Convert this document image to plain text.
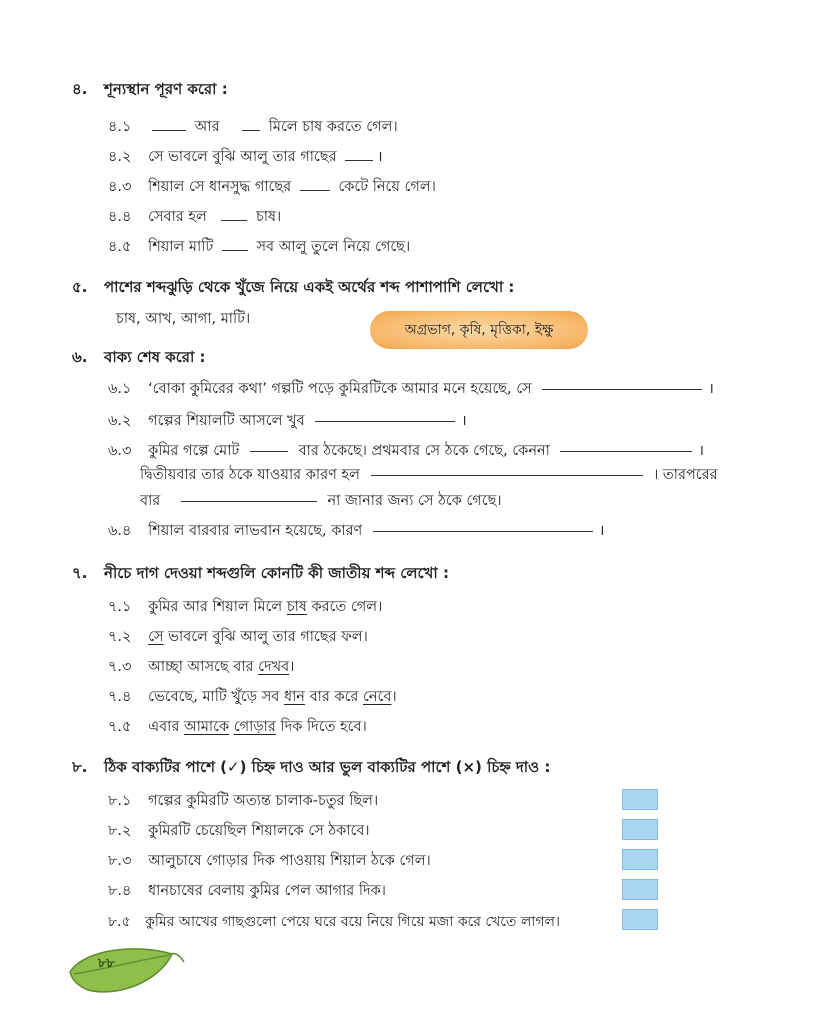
৪. শূন্যস্থান পূরণ করো :
৪.১	আর	মিলে চাষ করতে গেল।
৪.২ সে ভাবলে বুঝি আলু তার গাছের	।
৪.৩ শিয়াল সে ধানসুদ্ধ গাছের	কেটে নিয়ে গেল।
৪.৪ সেবার হল	চাষ।
৪.৫ শিয়াল মাটি	সব আলু তুলে নিয়ে গেছে।
৫. পাশের শব্দঝুড়ি থেকে খুঁজে নিয়ে একই অর্থের শব্দ পাশাপাশি লেখো :
চাষ, আখ, আগা, মাটি।
অগ্রভাগ, কৃষি, মৃত্তিকা, ইক্ষু
৬. বাক্য শেষ করো :
৬.১ ‘বোকা কুমিরের কথা’ গল্পটি পড়ে কুমিরটিকে আমার মনে হয়েছে, সে	।
৬.২ গল্পের শিয়ালটি আসলে খুব	।
৬.৩ কুমির গল্পে মোট	বার ঠকেছে। প্রথমবার সে ঠকে গেছে, কেননা	।
দ্বিতীয়বার তার ঠকে যাওয়ার কারণ হল	। তারপরের
বার	না জানার জন্য সে ঠকে গেছে।
৬.৪ শিয়াল বারবার লাভবান হয়েছে, কারণ	।
৭. নীচে দাগ দেওয়া শব্দগুলি কোনটি কী জাতীয় শব্দ লেখো :
৭.১ কুমির আর শিয়াল মিলে চাষ করতে গেল।
৭.২ সে ভাবলে বুঝি আলু তার গাছের ফল।
৭.৩ আচ্ছা আসছে বার দেখব।
৭.৪ ভেবেছে, মাটি খুঁড়ে সব ধান বার করে নেবে।
৭.৫ এবার আমাকে গোড়ার দিক দিতে হবে।
৮. ঠিক বাক্যটির পাশে (✓) চিহ্ন দাও আর ভুল বাক্যটির পাশে (×) চিহ্ন দাও :
৮.১ গল্পের কুমিরটি অত্যন্ত চালাক-চতুর ছিল।
৮.২ কুমিরটি চেয়েছিল শিয়ালকে সে ঠকাবে।
৮.৩ আলুচাষে গোড়ার দিক পাওয়ায় শিয়াল ঠকে গেল।
৮.৪ ধানচাষের বেলায় কুমির পেল আগার দিক।
৮.৫ কুমির আখের গাছগুলো পেয়ে ঘরে বয়ে নিয়ে গিয়ে মজা করে খেতে লাগল।
৮৮
